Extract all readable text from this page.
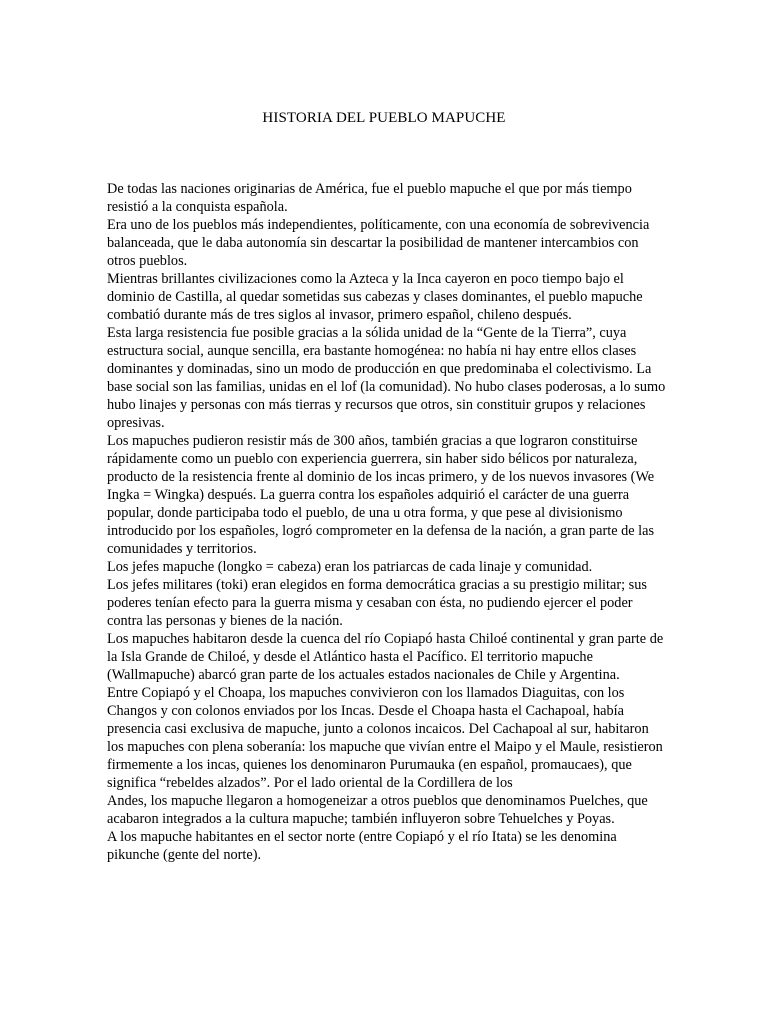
HISTORIA DEL PUEBLO MAPUCHE

De todas las naciones originarias de América, fue el pueblo mapuche el que por más tiempo resistió a la conquista española.

Era uno de los pueblos más independientes, políticamente, con una economía de sobrevivencia balanceada, que le daba autonomía sin descartar la posibilidad de mantener intercambios con otros pueblos.

Mientras brillantes civilizaciones como la Azteca y la Inca cayeron en poco tiempo bajo el dominio de Castilla, al quedar sometidas sus cabezas y clases dominantes, el pueblo mapuche combatió durante más de tres siglos al invasor, primero español, chileno después.

Esta larga resistencia fue posible gracias a la sólida unidad de la “Gente de la Tierra”, cuya estructura social, aunque sencilla, era bastante homogénea: no había ni hay entre ellos clases dominantes y dominadas, sino un modo de producción en que predominaba el colectivismo. La base social son las familias, unidas en el lof (la comunidad). No hubo clases poderosas, a lo sumo hubo linajes y personas con más tierras y recursos que otros, sin constituir grupos y relaciones opresivas.

Los mapuches pudieron resistir más de 300 años, también gracias a que lograron constituirse rápidamente como un pueblo con experiencia guerrera, sin haber sido bélicos por naturaleza, producto de la resistencia frente al dominio de los incas primero, y de los nuevos invasores (We Ingka = Wingka) después. La guerra contra los españoles adquirió el carácter de una guerra popular, donde participaba todo el pueblo, de una u otra forma, y que pese al divisionismo introducido por los españoles, logró comprometer en la defensa de la nación, a gran parte de las comunidades y territorios.

Los jefes mapuche (longko = cabeza) eran los patriarcas de cada linaje y comunidad.

Los jefes militares (toki) eran elegidos en forma democrática gracias a su prestigio militar; sus poderes tenían efecto para la guerra misma y cesaban con ésta, no pudiendo ejercer el poder contra las personas y bienes de la nación.

Los mapuches habitaron desde la cuenca del río Copiapó hasta Chiloé continental y gran parte de la Isla Grande de Chiloé, y desde el Atlántico hasta el Pacífico. El territorio mapuche (Wallmapuche) abarcó gran parte de los actuales estados nacionales de Chile y Argentina.

Entre Copiapó y el Choapa, los mapuches convivieron con los llamados Diaguitas, con los Changos y con colonos enviados por los Incas. Desde el Choapa hasta el Cachapoal, había presencia casi exclusiva de mapuche, junto a colonos incaicos. Del Cachapoal al sur, habitaron los mapuches con plena soberanía: los mapuche que vivían entre el Maipo y el Maule, resistieron firmemente a los incas, quienes los denominaron Purumauka (en español, promaucaes), que significa “rebeldes alzados”. Por el lado oriental de la Cordillera de los

Andes, los mapuche llegaron a homogeneizar a otros pueblos que denominamos Puelches, que acabaron integrados a la cultura mapuche; también influyeron sobre Tehuelches y Poyas.

A los mapuche habitantes en el sector norte (entre Copiapó y el río Itata) se les denomina pikunche (gente del norte).
